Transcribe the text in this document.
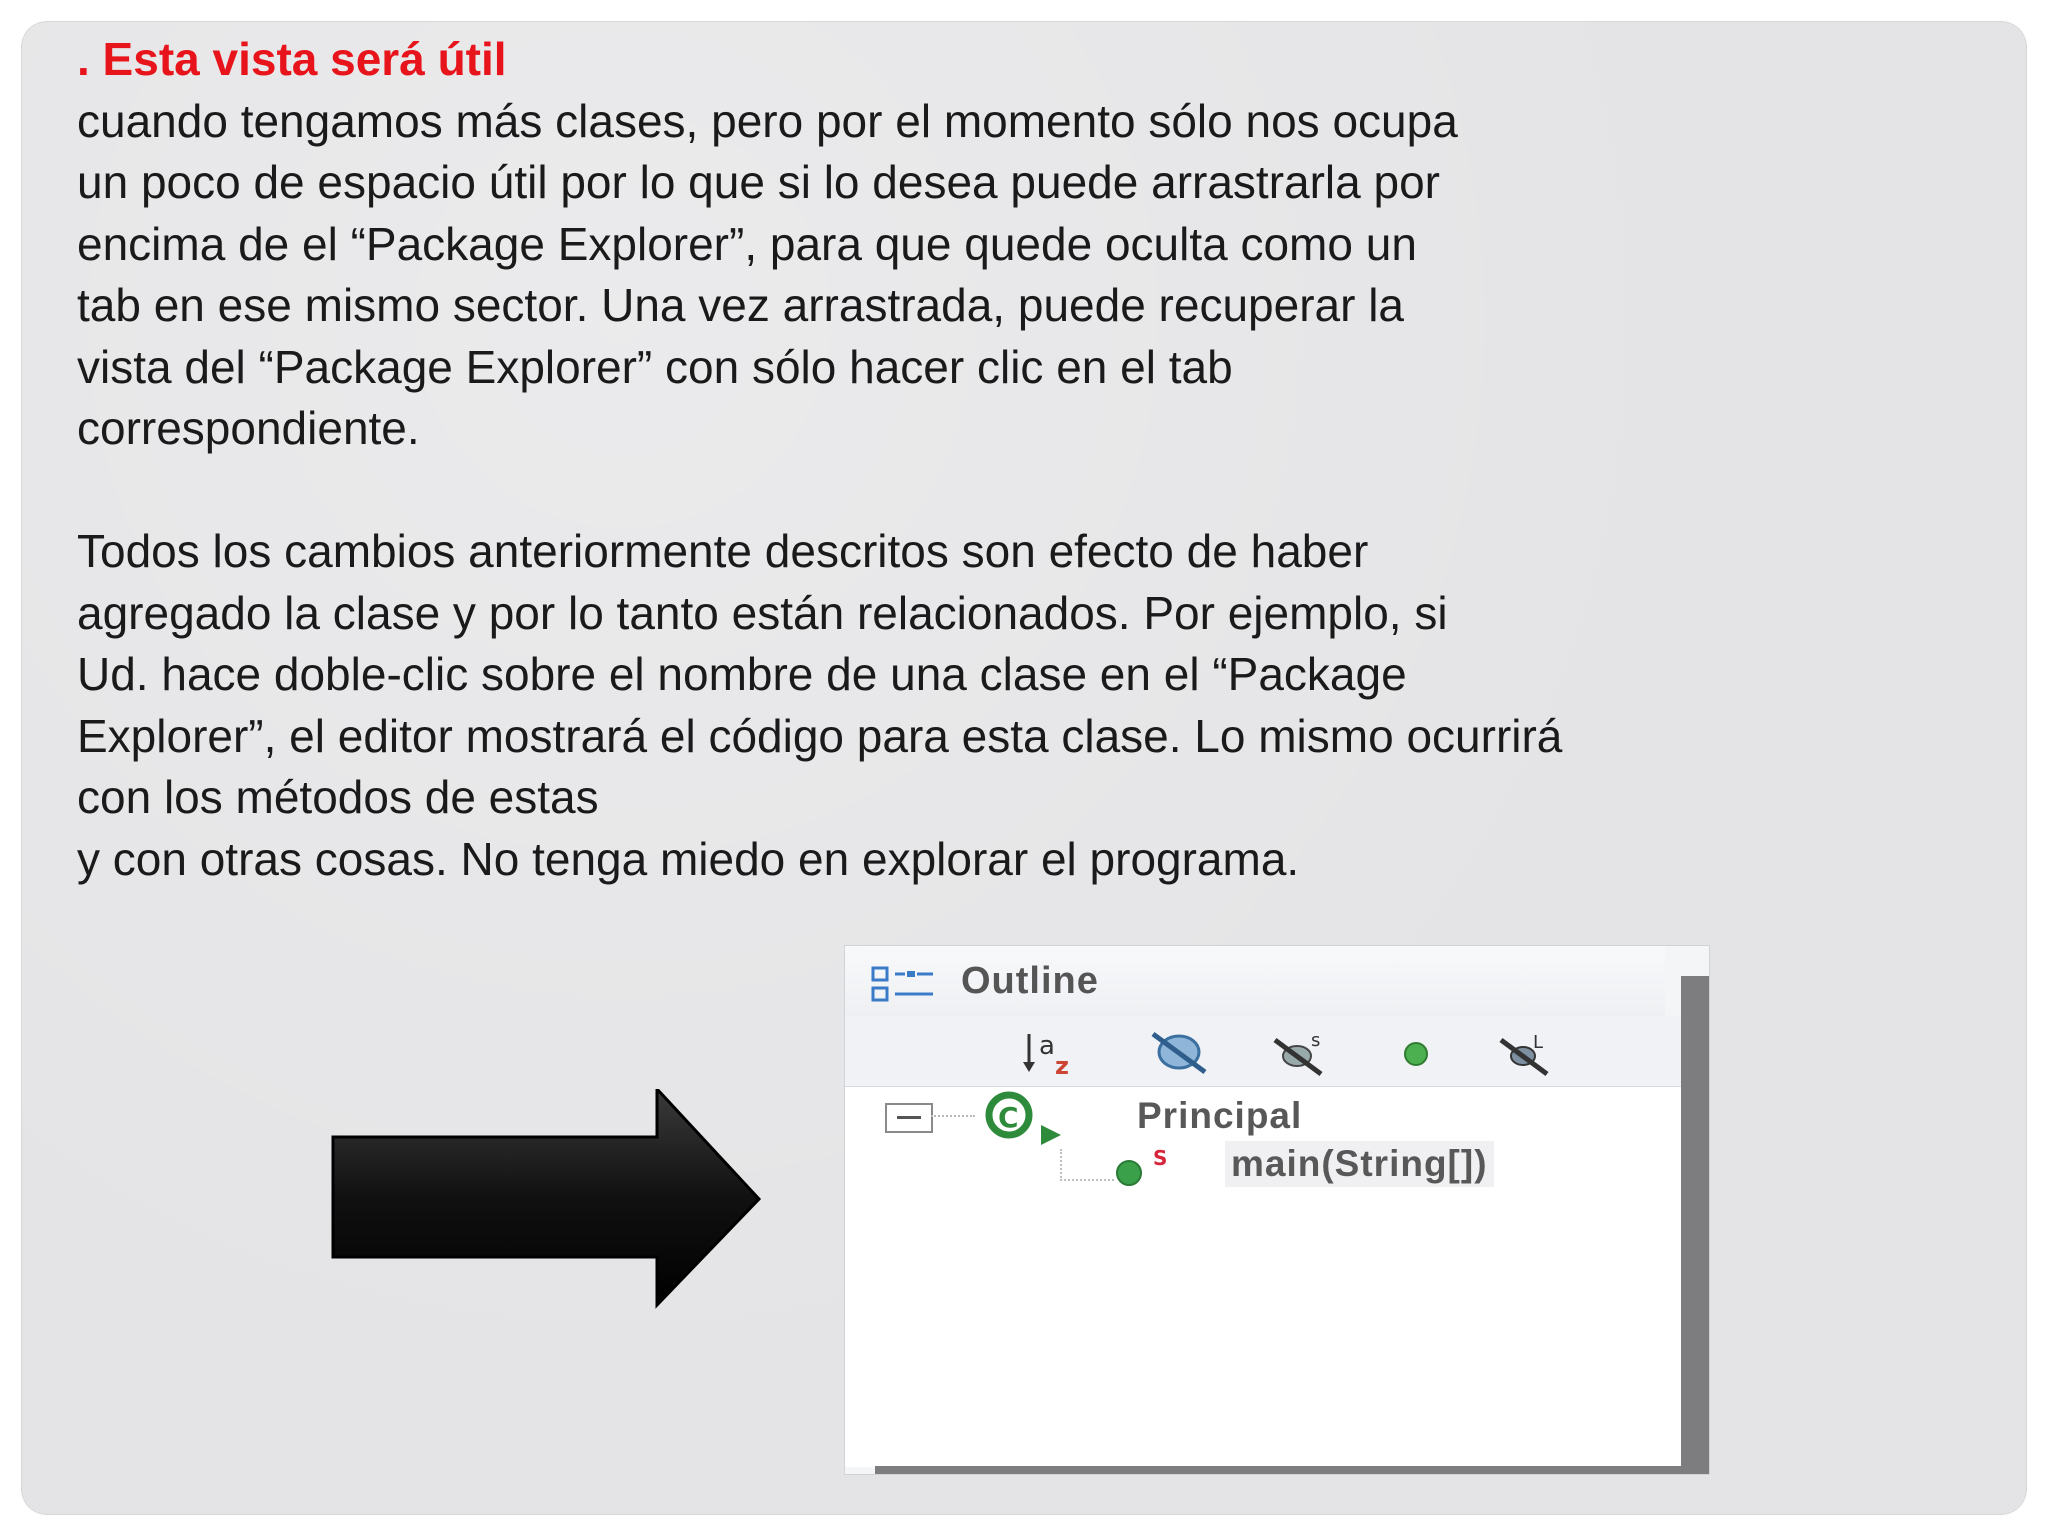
. Esta vista será útil
cuando tengamos más clases, pero por el momento sólo nos ocupa
un poco de espacio útil por lo que si lo desea puede arrastrarla por
encima de el “Package Explorer”, para que quede oculta como un
tab en ese mismo sector. Una vez arrastrada, puede recuperar la
vista del “Package Explorer” con sólo hacer clic en el tab
correspondiente.
Todos los cambios anteriormente descritos son efecto de haber
agregado la clase y por lo tanto están relacionados. Por ejemplo, si
Ud. hace doble-clic sobre el nombre de una clase en el “Package
Explorer”, el editor mostrará el código para esta clase. Lo mismo ocurrirá
con los métodos de estas
y con otras cosas. No tenga miedo en explorar el programa.
Outline
a
z
s	L
C	Principal
S main(String[])
